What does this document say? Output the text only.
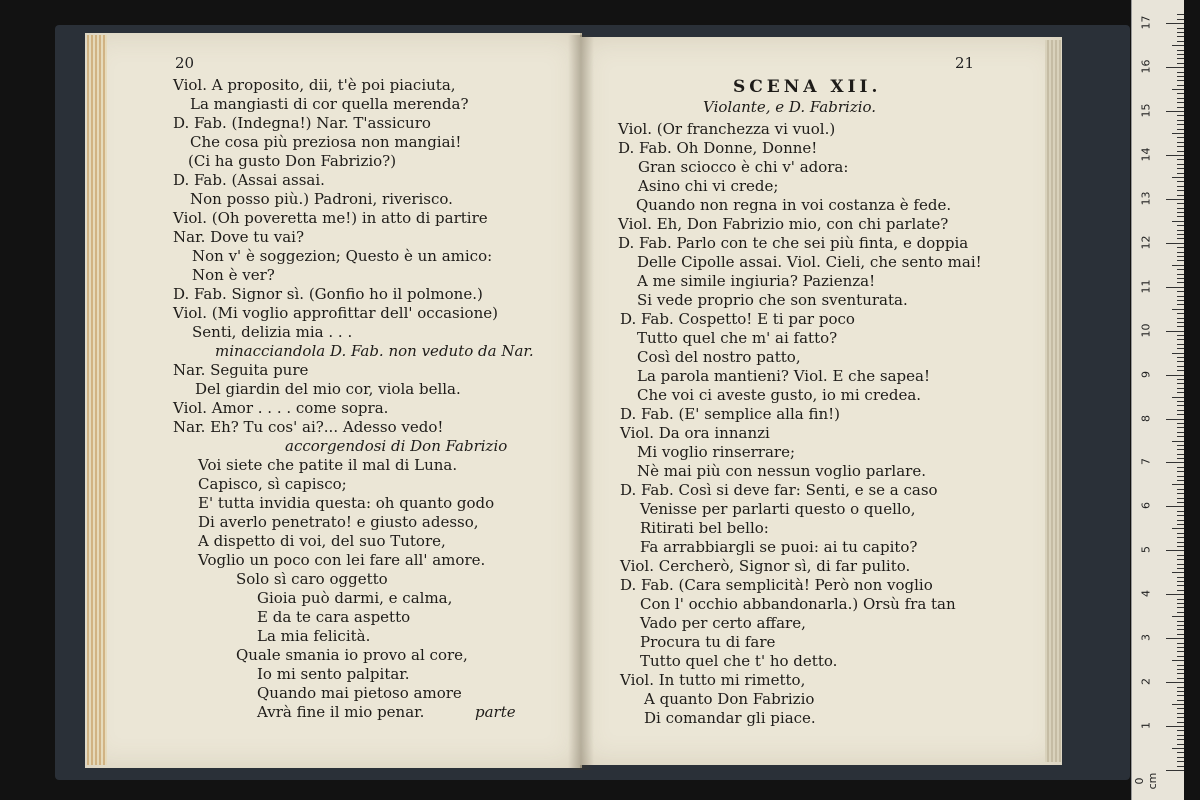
20	21
SCENA XII.
Violante, e D. Fabrizio.
Viol. A proposito, dii, t'è poi piaciuta,
La mangiasti di cor quella merenda?
D. Fab. (Indegna!) Nar. T'assicuro
Che cosa più preziosa non mangiai!
(Ci ha gusto Don Fabrizio?)
D. Fab. (Assai assai.
Non posso più.) Padroni, riverisco.
Viol. (Oh poveretta me!) in atto di partire
Nar. Dove tu vai?
Non v' è soggezion; Questo è un amico:
Non è ver?
D. Fab. Signor sì. (Gonfio ho il polmone.)
Viol. (Mi voglio approfittar dell' occasione)
Senti, delizia mia . . .
minacciandola D. Fab. non veduto da Nar.
Nar. Seguita pure
Del giardin del mio cor, viola bella.
Viol. Amor . . . . come sopra.
Nar. Eh? Tu cos' ai?... Adesso vedo!
accorgendosi di Don Fabrizio
Voi siete che patite il mal di Luna.
Capisco, sì capisco;
E' tutta invidia questa: oh quanto godo
Di averlo penetrato! e giusto adesso,
A dispetto di voi, del suo Tutore,
Voglio un poco con lei fare all' amore.
Solo sì caro oggetto
Gioia può darmi, e calma,
E da te cara aspetto
La mia felicità.
Quale smania io provo al core,
Io mi sento palpitar.
Quando mai pietoso amore
Avrà fine il mio penar.	parte
Viol. (Or franchezza vi vuol.)
D. Fab. Oh Donne, Donne!
Gran sciocco è chi v' adora:
Asino chi vi crede;
Quando non regna in voi costanza è fede.
Viol. Eh, Don Fabrizio mio, con chi parlate?
D. Fab. Parlo con te che sei più finta, e doppia
Delle Cipolle assai. Viol. Cieli, che sento mai!
A me simile ingiuria? Pazienza!
Si vede proprio che son sventurata.
D. Fab. Cospetto! E ti par poco
Tutto quel che m' ai fatto?
Così del nostro patto,
La parola mantieni? Viol. E che sapea!
Che voi ci aveste gusto, io mi credea.
D. Fab. (E' semplice alla fin!)
Viol. Da ora innanzi
Mi voglio rinserrare;
Nè mai più con nessun voglio parlare.
D. Fab. Così si deve far: Senti, e se a caso
Venisse per parlarti questo o quello,
Ritirati bel bello:
Fa arrabbiargli se puoi: ai tu capito?
Viol. Cercherò, Signor sì, di far pulito.
D. Fab. (Cara semplicità! Però non voglio
Con l' occhio abbandonarla.) Orsù fra tan
Vado per certo affare,
Procura tu di fare
Tutto quel che t' ho detto.
Viol. In tutto mi rimetto,
A quanto Don Fabrizio
Di comandar gli piace.
0 cm
1
2
3
4
5
6
7
8
9
10
11
12
13
14
15
16
17
